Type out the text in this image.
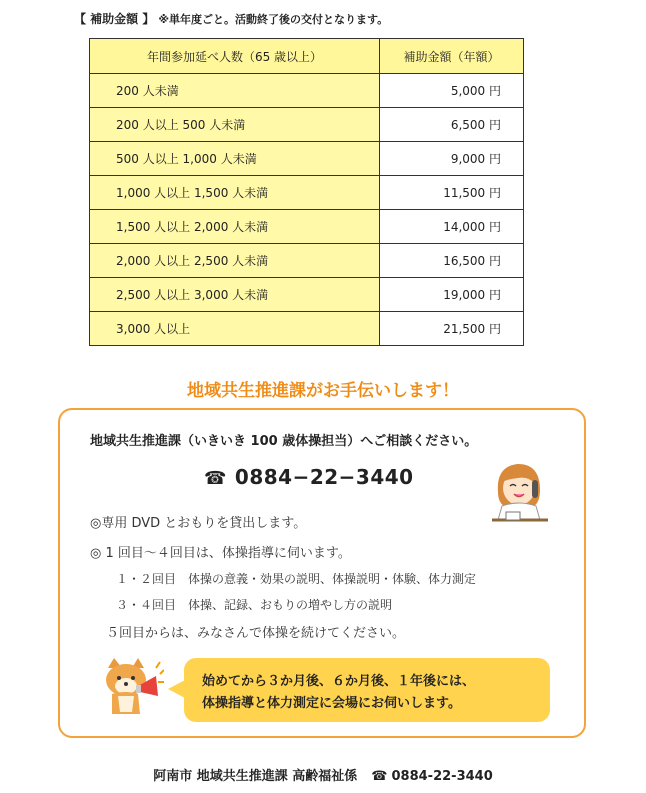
【 補助金額 】 ※単年度ごと。活動終了後の交付となります。
年間参加延べ人数（65 歳以上）	補助金額（年額）
200 人未満	5,000 円
200 人以上 500 人未満	6,500 円
500 人以上 1,000 人未満	9,000 円
1,000 人以上 1,500 人未満	11,500 円
1,500 人以上 2,000 人未満	14,000 円
2,000 人以上 2,500 人未満	16,500 円
2,500 人以上 3,000 人未満	19,000 円
3,000 人以上	21,500 円
地域共生推進課がお手伝いします！
地域共生推進課（いきいき 100 歳体操担当）へご相談ください。
☎ 0884−22−3440
◎専用 DVD とおもりを貸出します。
◎ 1 回目～４回目は、体操指導に伺います。
１・２回目　体操の意義・効果の説明、体操説明・体験、体力測定
３・４回目　体操、記録、おもりの増やし方の説明
５回目からは、みなさんで体操を続けてください。
始めてから３か月後、６か月後、１年後には、
体操指導と体力測定に会場にお伺いします。
阿南市 地域共生推進課 高齢福祉係 ☎ 0884-22-3440
